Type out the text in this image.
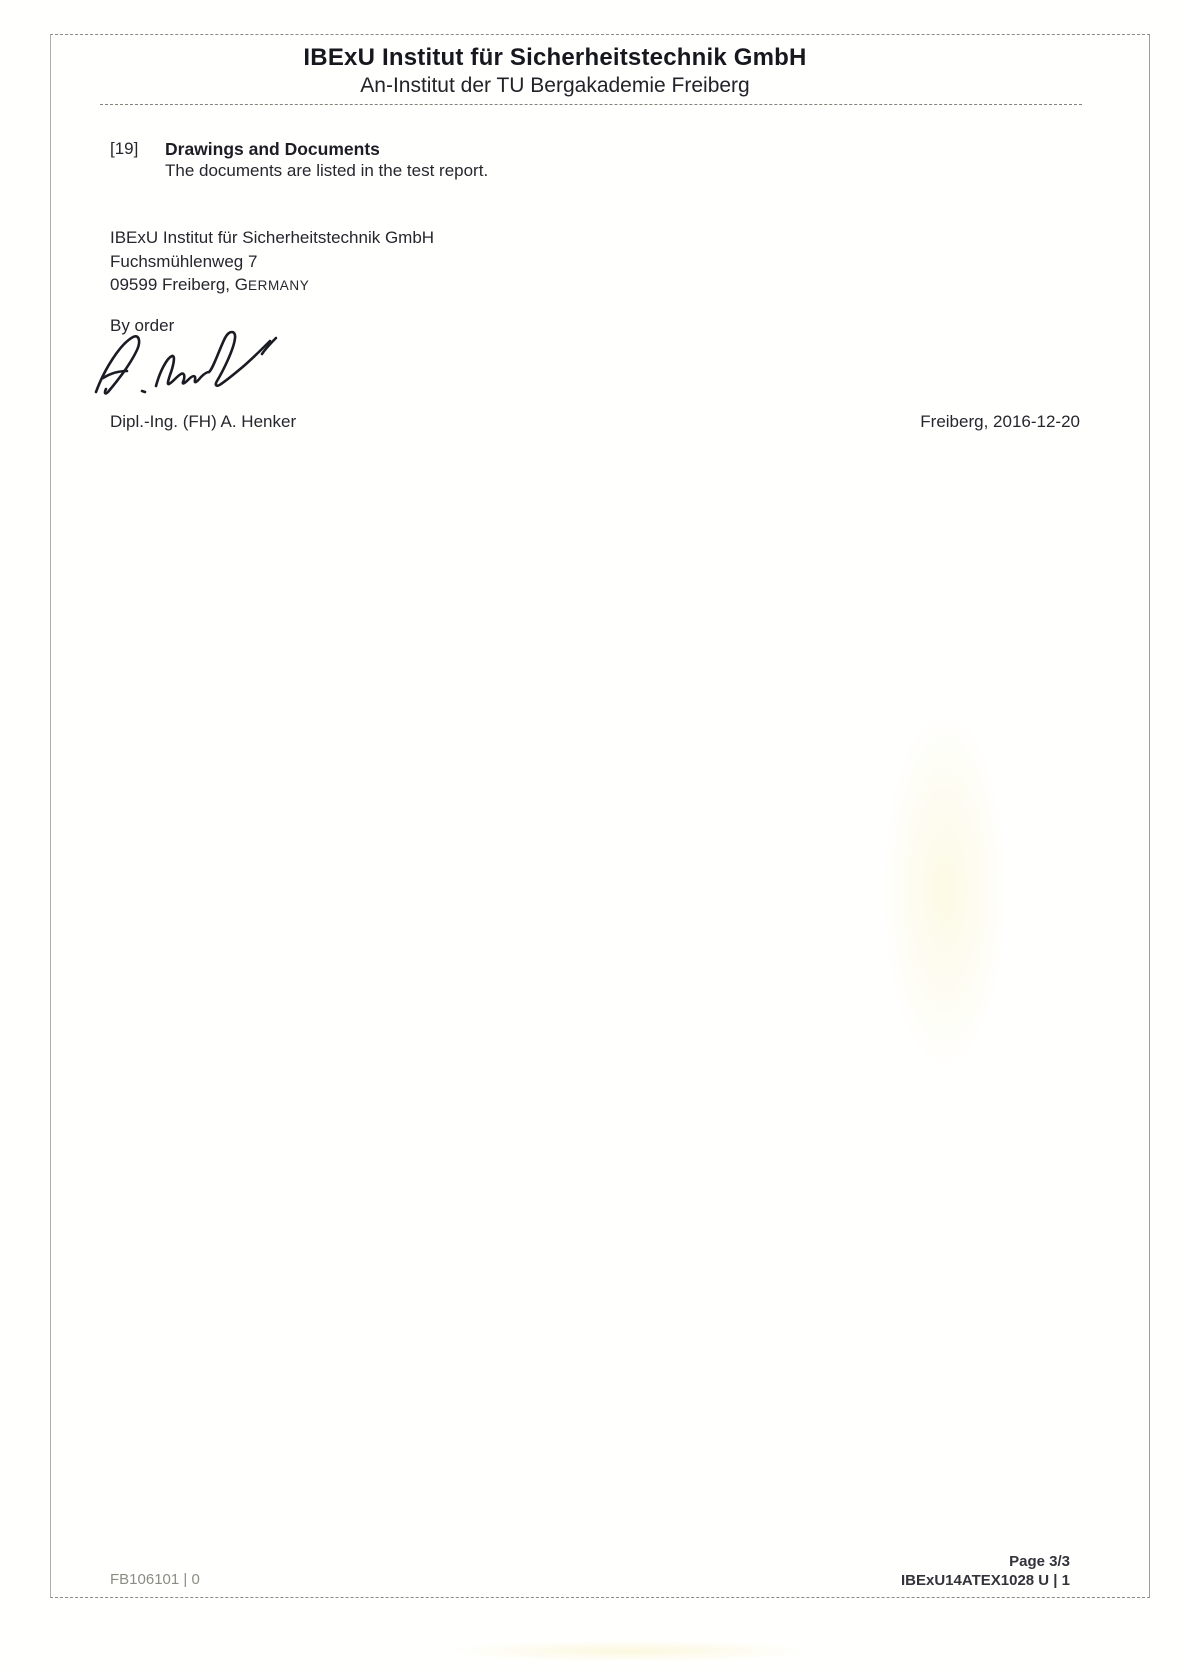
IBExU Institut für Sicherheitstechnik GmbH
An-Institut der TU Bergakademie Freiberg
[19] Drawings and Documents
The documents are listed in the test report.
IBExU Institut für Sicherheitstechnik GmbH
Fuchsmühlenweg 7
09599 Freiberg, GERMANY
By order
Dipl.-Ing. (FH) A. Henker	Freiberg, 2016-12-20
FB106101 | 0
Page 3/3
IBExU14ATEX1028 U | 1
